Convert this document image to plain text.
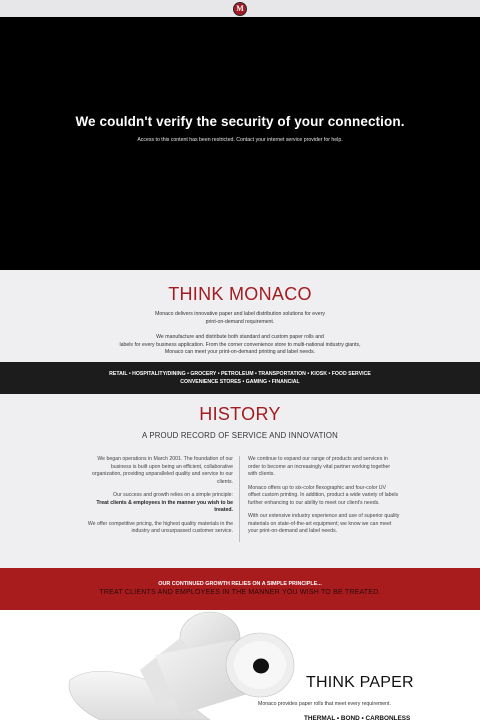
M
We couldn't verify the security of your connection.
Access to this content has been restricted. Contact your internet service provider for help.
THINK MONACO
Monaco delivers innovative paper and label distribution solutions for every
print-on-demand requirement.
We manufacture and distribute both standard and custom paper rolls and
labels for every business application. From the corner convenience store to multi-national industry giants,
Monaco can meet your print-on-demand printing and label needs.
RETAIL • HOSPITALITY/DINING • GROCERY • PETROLEUM • TRANSPORTATION • KIOSK • FOOD SERVICE
CONVENIENCE STORES • GAMING • FINANCIAL
HISTORY
A PROUD RECORD OF SERVICE AND INNOVATION

We began operations in March 2001. The foundation of our business is built upon being an efficient, collaborative organization, providing unparalleled quality and service to our clients.

Our success and growth relies on a simple principle:
Treat clients & employees in the manner you wish to be treated.

We offer competitive pricing, the highest quality materials in the industry and unsurpassed customer service.

We continue to expand our range of products and services in order to become an increasingly vital partner working together with clients.

Monaco offers up to six-color flexographic and four-color UV offset custom printing. In addition, product a wide variety of labels further enhancing to our ability to meet our client's needs.

With our extensive industry experience and use of superior quality materials on state-of-the-art equipment; we know we can meet your print-on-demand and label needs.

OUR CONTINUED GROWTH RELIES ON A SIMPLE PRINCIPLE...
TREAT CLIENTS AND EMPLOYEES IN THE MANNER YOU WISH TO BE TREATED.
THINK PAPER
Monaco provides paper rolls that meet every requirement.
THERMAL • BOND • CARBONLESS
